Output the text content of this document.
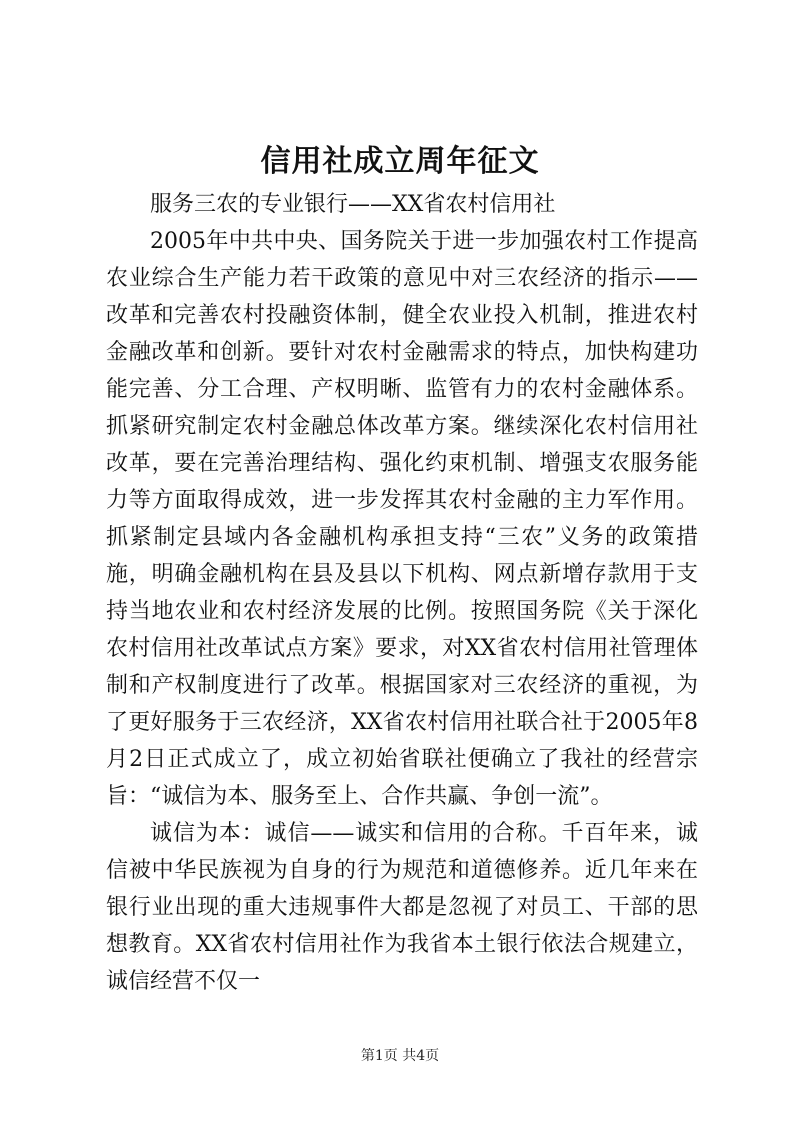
信用社成立周年征文

服务三农的专业银行——XX省农村信用社

2005年中共中央、国务院关于进一步加强农村工作提高农业综合生产能力若干政策的意见中对三农经济的指示——改革和完善农村投融资体制，健全农业投入机制，推进农村金融改革和创新。要针对农村金融需求的特点，加快构建功能完善、分工合理、产权明晰、监管有力的农村金融体系。抓紧研究制定农村金融总体改革方案。继续深化农村信用社改革，要在完善治理结构、强化约束机制、增强支农服务能力等方面取得成效，进一步发挥其农村金融的主力军作用。抓紧制定县域内各金融机构承担支持“三农”义务的政策措施，明确金融机构在县及县以下机构、网点新增存款用于支持当地农业和农村经济发展的比例。按照国务院《关于深化农村信用社改革试点方案》要求，对XX省农村信用社管理体制和产权制度进行了改革。根据国家对三农经济的重视，为了更好服务于三农经济，XX省农村信用社联合社于2005年8月2日正式成立了，成立初始省联社便确立了我社的经营宗旨：“诚信为本、服务至上、合作共赢、争创一流”。

诚信为本：诚信——诚实和信用的合称。千百年来，诚信被中华民族视为自身的行为规范和道德修养。近几年来在银行业出现的重大违规事件大都是忽视了对员工、干部的思想教育。XX省农村信用社作为我省本土银行依法合规建立，诚信经营不仅一

第1页 共4页
